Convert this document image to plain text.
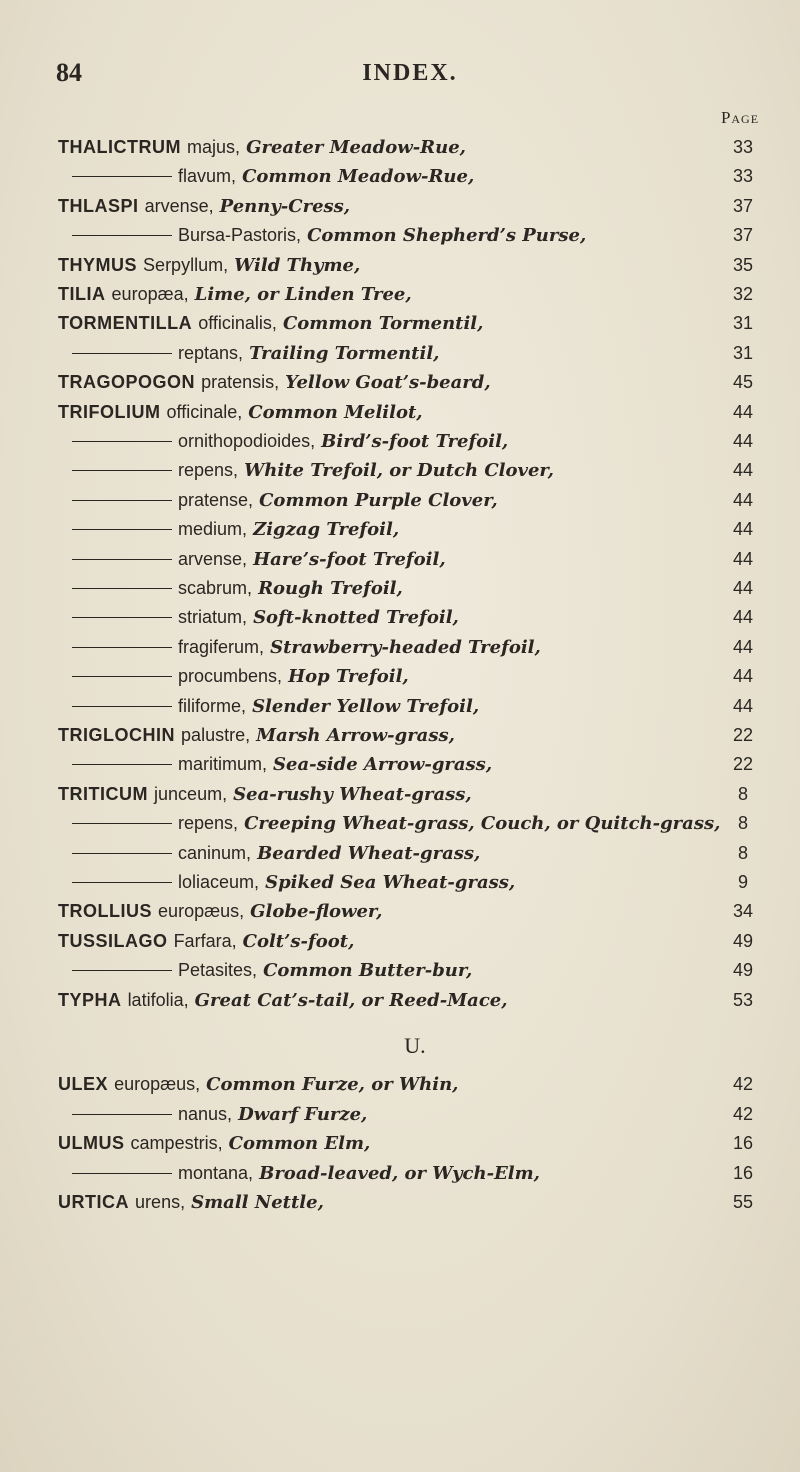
84	INDEX.
Page
U.
THALICTRUM majus, Greater Meadow-Rue,	33
flavum, Common Meadow-Rue,	33
THLASPI arvense, Penny-Cress,	37
Bursa-Pastoris, Common Shepherd’s Purse,	37
THYMUS Serpyllum, Wild Thyme,	35
TILIA europæa, Lime, or Linden Tree,	32
TORMENTILLA officinalis, Common Tormentil,	31
reptans, Trailing Tormentil,	31
TRAGOPOGON pratensis, Yellow Goat’s-beard,	45
TRIFOLIUM officinale, Common Melilot,	44
ornithopodioides, Bird’s-foot Trefoil,	44
repens, White Trefoil, or Dutch Clover,	44
pratense, Common Purple Clover,	44
medium, Zigzag Trefoil,	44
arvense, Hare’s-foot Trefoil,	44
scabrum, Rough Trefoil,	44
striatum, Soft-knotted Trefoil,	44
fragiferum, Strawberry-headed Trefoil,	44
procumbens, Hop Trefoil,	44
filiforme, Slender Yellow Trefoil,	44
TRIGLOCHIN palustre, Marsh Arrow-grass,	22
maritimum, Sea-side Arrow-grass,	22
TRITICUM junceum, Sea-rushy Wheat-grass,	8
repens, Creeping Wheat-grass, Couch, or Quitch-grass, 8
caninum, Bearded Wheat-grass,	8
loliaceum, Spiked Sea Wheat-grass,	9
TROLLIUS europæus, Globe-flower,	34
TUSSILAGO Farfara, Colt’s-foot,	49
Petasites, Common Butter-bur,	49
TYPHA latifolia, Great Cat’s-tail, or Reed-Mace,	53
ULEX europæus, Common Furze, or Whin,	42
nanus, Dwarf Furze,	42
ULMUS campestris, Common Elm,	16
montana, Broad-leaved, or Wych-Elm,	16
URTICA urens, Small Nettle,	55
